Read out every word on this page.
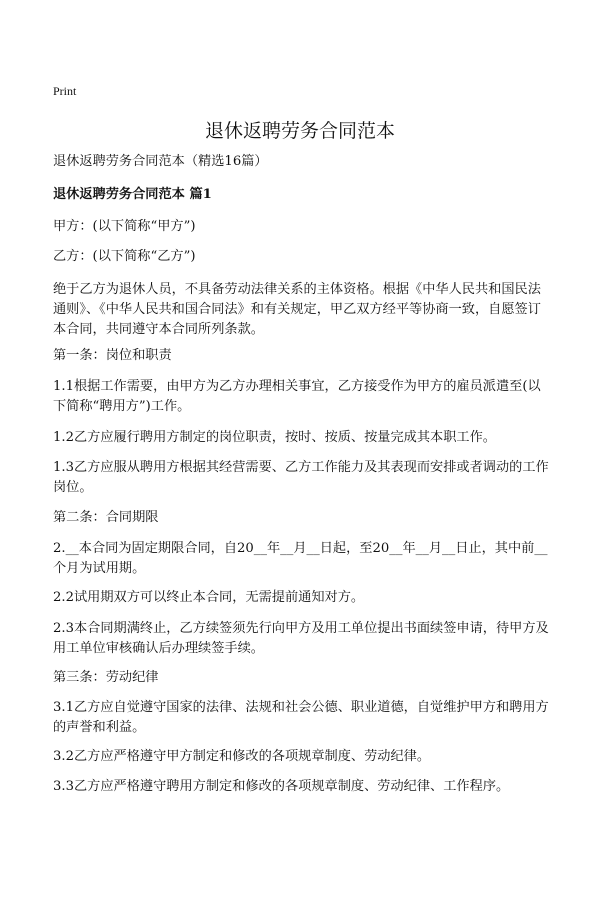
Print
退休返聘劳务合同范本

退休返聘劳务合同范本（精选16篇）

退休返聘劳务合同范本 篇1

甲方：(以下简称“甲方”)

乙方：(以下简称“乙方”)

绝于乙方为退休人员，不具备劳动法律关系的主体资格。根据《中华人民共和国民法通则》、《中华人民共和国合同法》和有关规定，甲乙双方经平等协商一致，自愿签订本合同，共同遵守本合同所列条款。

第一条：岗位和职责

1.1根据工作需要，由甲方为乙方办理相关事宜，乙方接受作为甲方的雇员派遣至(以下简称“聘用方”)工作。

1.2乙方应履行聘用方制定的岗位职责，按时、按质、按量完成其本职工作。

1.3乙方应服从聘用方根据其经营需要、乙方工作能力及其表现而安排或者调动的工作岗位。

第二条：合同期限

2.__本合同为固定期限合同，自20__年__月__日起，至20__年__月__日止，其中前__个月为试用期。

2.2试用期双方可以终止本合同，无需提前通知对方。

2.3本合同期满终止，乙方续签须先行向甲方及用工单位提出书面续签申请，待甲方及用工单位审核确认后办理续签手续。

第三条：劳动纪律

3.1乙方应自觉遵守国家的法律、法规和社会公德、职业道德，自觉维护甲方和聘用方的声誉和利益。

3.2乙方应严格遵守甲方制定和修改的各项规章制度、劳动纪律。

3.3乙方应严格遵守聘用方制定和修改的各项规章制度、劳动纪律、工作程序。
